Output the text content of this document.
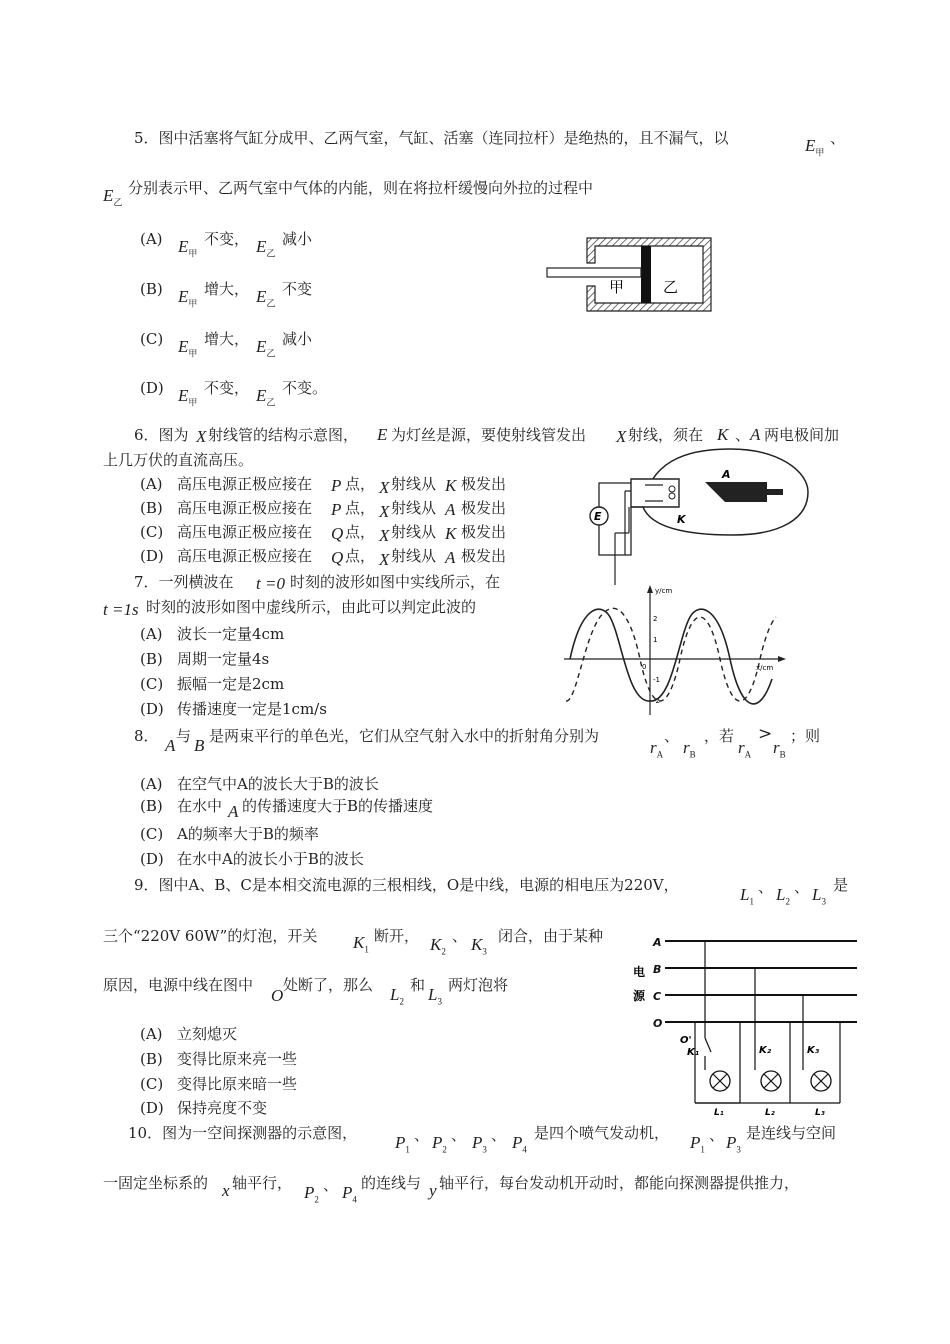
5．图中活塞将气缸分成甲、乙两气室，气缸、活塞（连同拉杆）是绝热的，且不漏气，以	$E_甲$
、
$E_乙$
分别表示甲、乙两气室中气体的内能，则在将拉杆缓慢向外拉的过程中
(A) $E_甲$
不变， $E_乙$
减小
(B) $E_甲$
增大， $E_乙$
不变
(C) $E_甲$
增大， $E_乙$
减小
(D) $E_甲$
不变， $E_乙$
不变。
甲	乙
6．图为 X 射线管的结构示意图， E 为灯丝是源，要使射线管发出 X 射线，须在 K 、 A 两电极间加
上几万伏的直流高压。
(A) 高压电源正极应接在 P 点， X 射线从 K 极发出
(B) 高压电源正极应接在 P 点， X 射线从 A 极发出
(C) 高压电源正极应接在 Q 点， X 射线从 K 极发出
(D) 高压电源正极应接在 Q 点， X 射线从 A 极发出
A
K
E
7．一列横波在 t =0 时刻的波形如图中实线所示，在
t =1s 时刻的波形如图中虚线所示，由此可以判定此波的
(A) 波长一定量4cm
(B) 周期一定量4s
(C) 振幅一定是2cm
(D) 传播速度一定是1cm/s
y/cm
x/cm
0
2
1
-1
-2
8． A 与 B 是两束平行的单色光，它们从空气射入水中的折射角分别为
$r_A$
、
$r_B$
，若
$r_A$
>
$r_B$
；则
(A) 在空气中A的波长大于B的波长
(B) 在水中 A 的传播速度大于B的传播速度
(C) A的频率大于B的频率
(D) 在水中A的波长小于B的波长
9．图中A、B、C是本相交流电源的三根相线，O是中线，电源的相电压为220V，	$L_1$
、 $L_2$
、 $L_3$
是
三个“220V 60W”的灯泡，开关 $K_1$
断开， $K_2$
、 $K_3$
闭合，由于某种
原因，电源中线在图中
O
处断了，那么 $L_2$
和 $L_3$
两灯泡将
(A) 立刻熄灭
(B) 变得比原来亮一些
(C) 变得比原来暗一些
(D) 保持亮度不变
A
B
C
O
电
源
O'
K₁	K₂	K₃
L₁	L₂	L₃
10．图为一空间探测器的示意图， $P_1$
、 $P_2$
、 $P_3$
、 $P_4$
是四个喷气发动机， $P_1$
、 $P_3$
是连线与空间
一固定坐标系的 x 轴平行， $P_2$
、 $P_4$
的连线与 y 轴平行，每台发动机开动时，都能向探测器提供推力，
